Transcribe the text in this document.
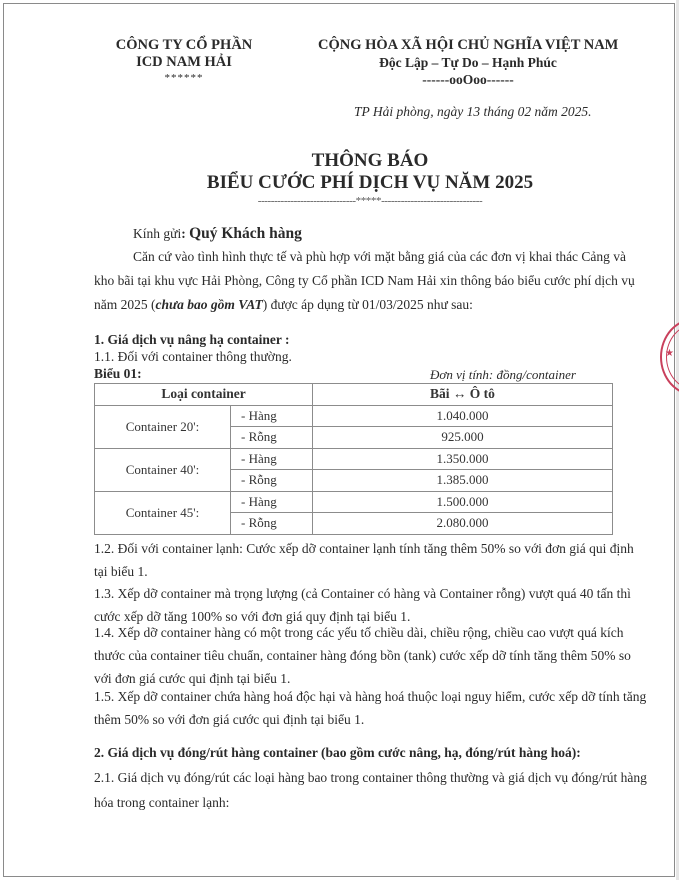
CÔNG TY CỔ PHẦN
ICD NAM HẢI
******
CỘNG HÒA XÃ HỘI CHỦ NGHĨA VIỆT NAM
Độc Lập – Tự Do – Hạnh Phúc
------ooOoo------
TP Hải phòng, ngày 13 tháng 02 năm 2025.
THÔNG BÁO
BIỂU CƯỚC PHÍ DỊCH VỤ NĂM 2025
------------------------------*****-------------------------------
Kính gửi: Quý Khách hàng
Căn cứ vào tình hình thực tế và phù hợp với mặt bằng giá của các đơn vị khai thác Cảng và
kho bãi tại khu vực Hải Phòng, Công ty Cổ phần ICD Nam Hải xin thông báo biểu cước phí dịch vụ
năm 2025 (chưa bao gồm VAT) được áp dụng từ 01/03/2025 như sau:
1. Giá dịch vụ nâng hạ container :
1.1. Đối với container thông thường.
Biểu 01:	Đơn vị tính: đồng/container
Loại container		Bãi ↔ Ô tô
Container 20':	- Hàng	1.040.000
	- Rỗng	925.000
Container 40':	- Hàng	1.350.000
	- Rỗng	1.385.000
Container 45':	- Hàng	1.500.000
	- Rỗng	2.080.000
1.2. Đối với container lạnh: Cước xếp dỡ container lạnh tính tăng thêm 50% so với đơn giá qui định
tại biểu 1.
1.3. Xếp dỡ container mà trọng lượng (cả Container có hàng và Container rỗng) vượt quá 40 tấn thì
cước xếp dỡ tăng 100% so với đơn giá quy định tại biểu 1.
1.4. Xếp dỡ container hàng có một trong các yếu tố chiều dài, chiều rộng, chiều cao vượt quá kích
thước của container tiêu chuẩn, container hàng đóng bồn (tank) cước xếp dỡ tính tăng thêm 50% so
với đơn giá cước qui định tại biểu 1.
1.5. Xếp dỡ container chứa hàng hoá độc hại và hàng hoá thuộc loại nguy hiểm, cước xếp dỡ tính tăng
thêm 50% so với đơn giá cước qui định tại biểu 1.
2. Giá dịch vụ đóng/rút hàng container (bao gồm cước nâng, hạ, đóng/rút hàng hoá):
2.1. Giá dịch vụ đóng/rút các loại hàng bao trong container thông thường và giá dịch vụ đóng/rút hàng
hóa trong container lạnh:
★
